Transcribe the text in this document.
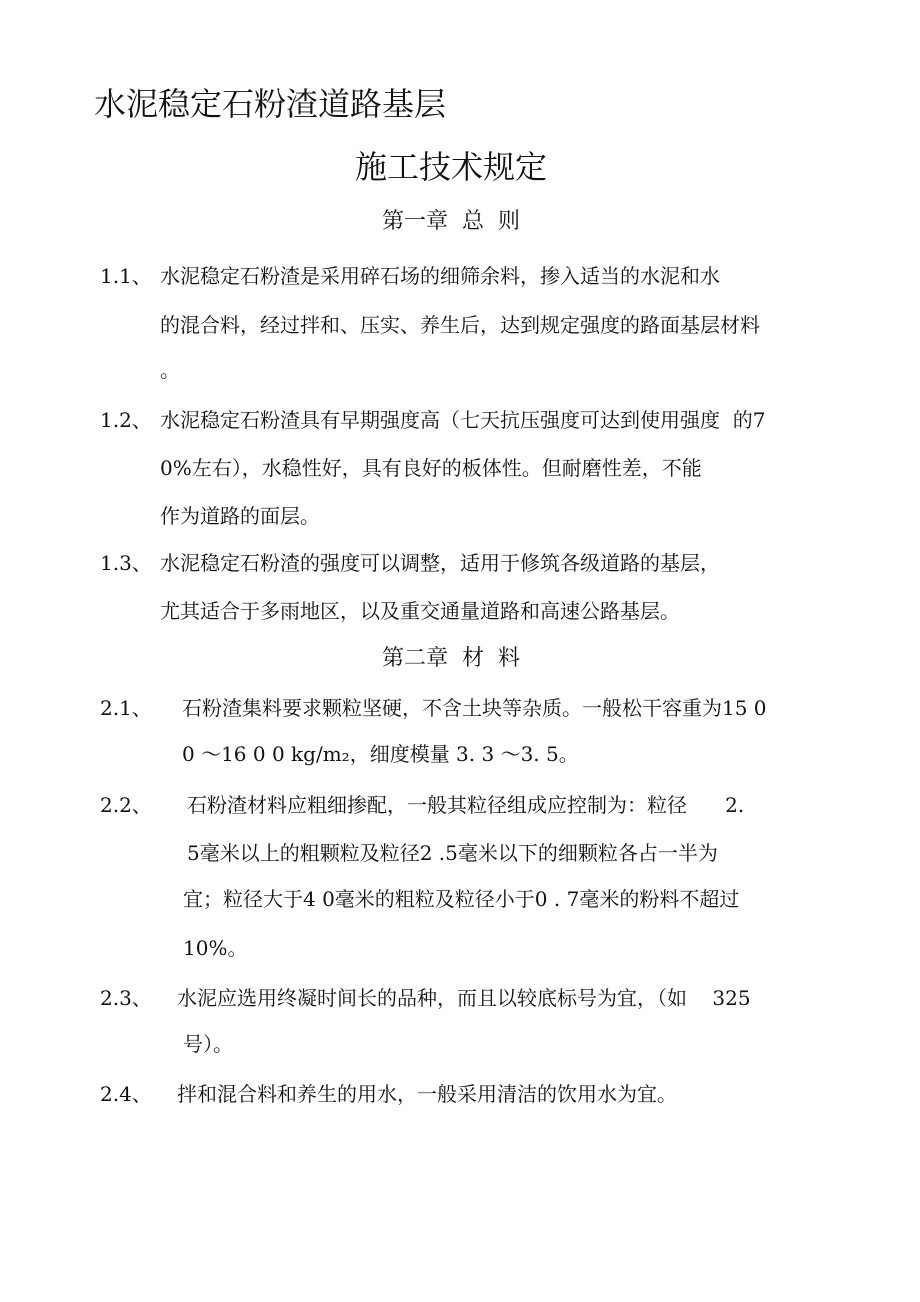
水泥稳定石粉渣道路基层
施工技术规定
第一章  总  则
1.1、 水泥稳定石粉渣是采用碎石场的细筛余料，掺入适当的水泥和水
的混合料，经过拌和、压实、养生后，达到规定强度的路面基层材料
。
1.2、 水泥稳定石粉渣具有早期强度高（七天抗压强度可达到使用强度  的7
0%左右），水稳性好，具有良好的板体性。但耐磨性差，不能
作为道路的面层。
1.3、 水泥稳定石粉渣的强度可以调整，适用于修筑各级道路的基层，
尤其适合于多雨地区，以及重交通量道路和高速公路基层。
第二章  材  料
2.1、 石粉渣集料要求颗粒坚硬，不含土块等杂质。一般松干容重为15 0
0 ～16 0 0 kg/m₂，细度模量 3. 3 ～3. 5。
2.2、 石粉渣材料应粗细掺配，一般其粒径组成应控制为：粒径      2.
5毫米以上的粗颗粒及粒径2 .5毫米以下的细颗粒各占一半为
宜；粒径大于4 0毫米的粗粒及粒径小于0 . 7毫米的粉料不超过
10%。
2.3、 水泥应选用终凝时间长的品种，而且以较底标号为宜，（如    325
号）。
2.4、 拌和混合料和养生的用水，一般采用清洁的饮用水为宜。
